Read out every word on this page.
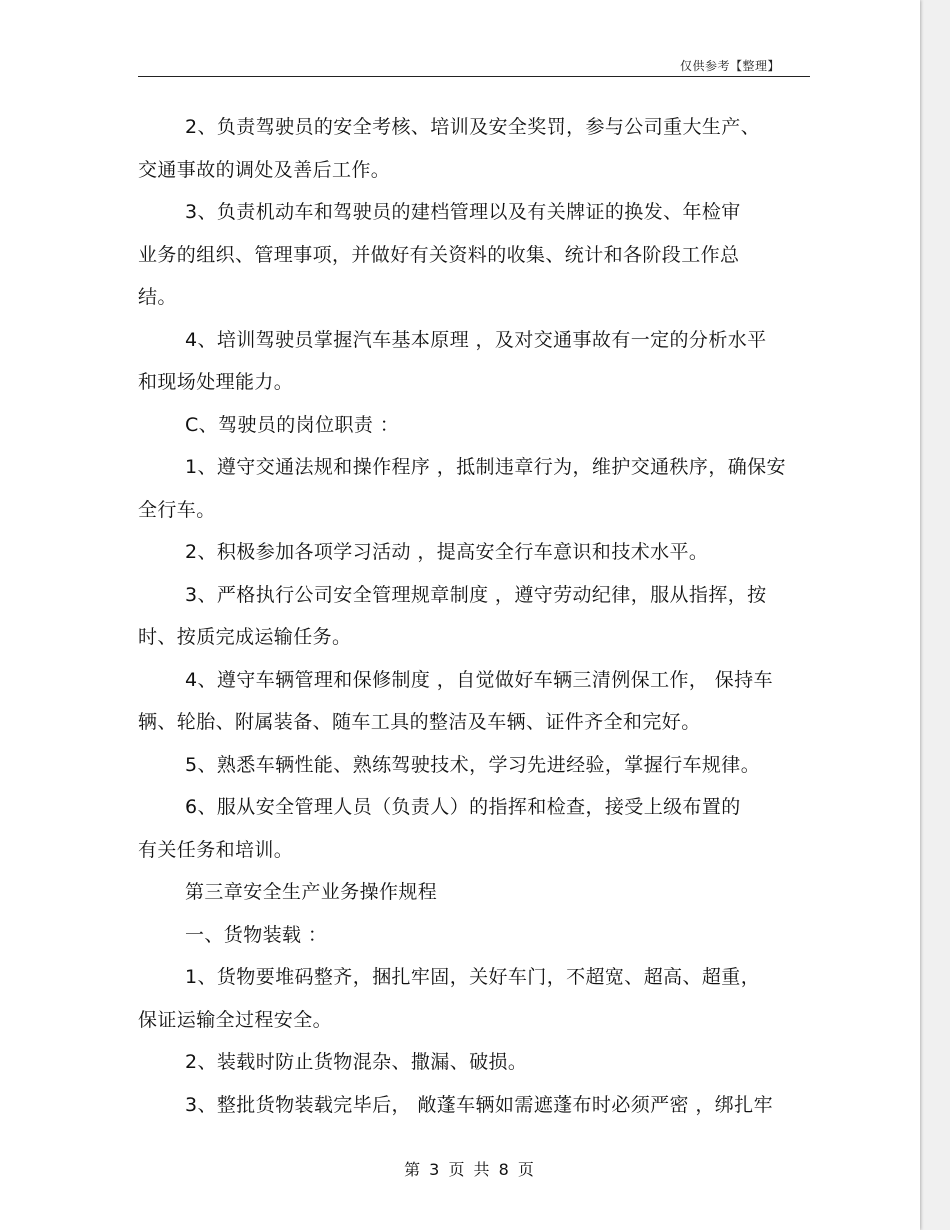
仅供参考【整理】
2、负责驾驶员的安全考核、培训及安全奖罚，参与公司重大生产、
交通事故的调处及善后工作。
3、负责机动车和驾驶员的建档管理以及有关牌证的换发、年检审
业务的组织、管理事项，并做好有关资料的收集、统计和各阶段工作总
结。
4、培训驾驶员掌握汽车基本原理 ，及对交通事故有一定的分析水平
和现场处理能力。
C、驾驶员的岗位职责 ：
1、遵守交通法规和操作程序 ，抵制违章行为，维护交通秩序，确保安
全行车。
2、积极参加各项学习活动 ，提高安全行车意识和技术水平。
3、严格执行公司安全管理规章制度 ，遵守劳动纪律，服从指挥，按
时、按质完成运输任务。
4、遵守车辆管理和保修制度 ，自觉做好车辆三清例保工作， 保持车
辆、轮胎、附属装备、随车工具的整洁及车辆、证件齐全和完好。
5、熟悉车辆性能、熟练驾驶技术，学习先进经验，掌握行车规律。
6、服从安全管理人员（负责人）的指挥和检查，接受上级布置的
有关任务和培训。
第三章安全生产业务操作规程
一、货物装载 ：
1、货物要堆码整齐，捆扎牢固，关好车门，不超宽、超高、超重，
保证运输全过程安全。
2、装载时防止货物混杂、撒漏、破损。
3、整批货物装载完毕后， 敞蓬车辆如需遮蓬布时必须严密 ，绑扎牢
第 3 页 共 8 页
